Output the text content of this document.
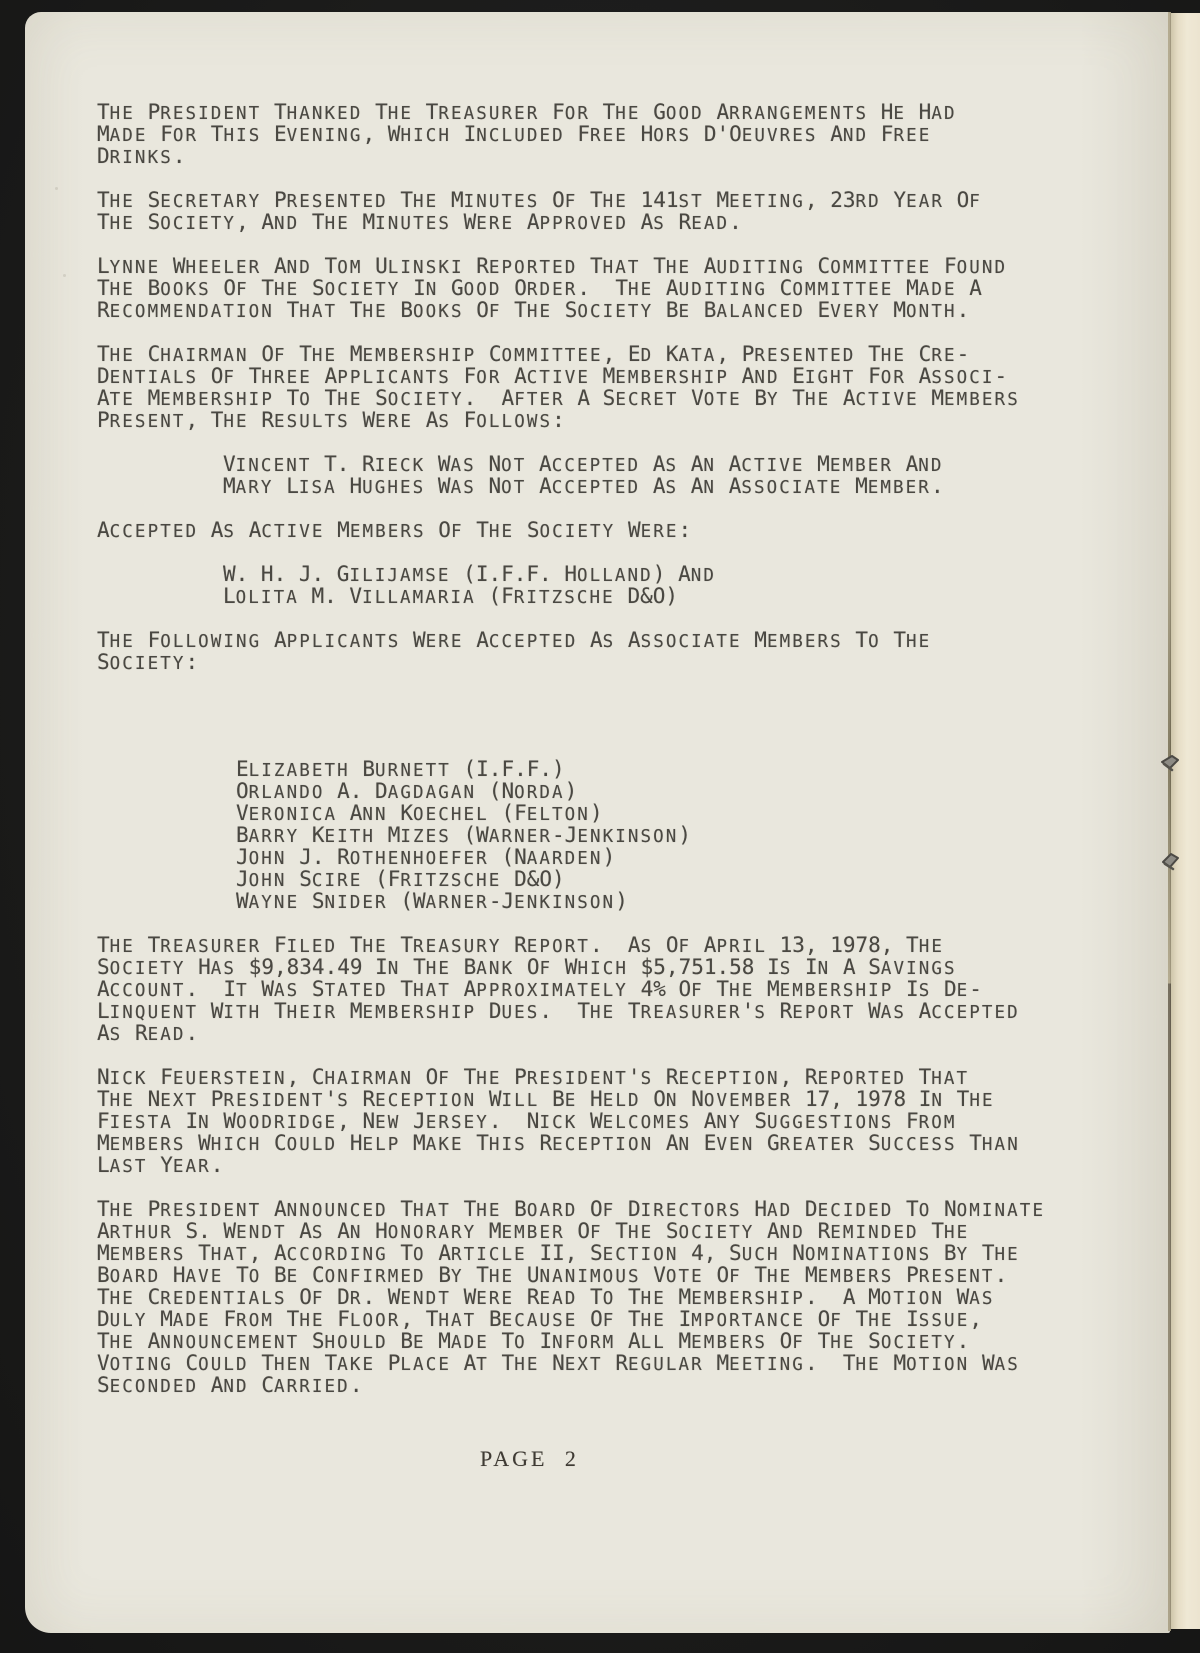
THE PRESIDENT THANKED THE TREASURER FOR THE GOOD ARRANGEMENTS HE HAD
MADE FOR THIS EVENING, WHICH INCLUDED FREE HORS D'OEUVRES AND FREE
DRINKS.
THE SECRETARY PRESENTED THE MINUTES OF THE 141ST MEETING, 23RD YEAR OF
THE SOCIETY, AND THE MINUTES WERE APPROVED AS READ.
LYNNE WHEELER AND TOM ULINSKI REPORTED THAT THE AUDITING COMMITTEE FOUND
THE BOOKS OF THE SOCIETY IN GOOD ORDER.  THE AUDITING COMMITTEE MADE A
RECOMMENDATION THAT THE BOOKS OF THE SOCIETY BE BALANCED EVERY MONTH.
THE CHAIRMAN OF THE MEMBERSHIP COMMITTEE, ED KATA, PRESENTED THE CRE-
DENTIALS OF THREE APPLICANTS FOR ACTIVE MEMBERSHIP AND EIGHT FOR ASSOCI-
ATE MEMBERSHIP TO THE SOCIETY.  AFTER A SECRET VOTE BY THE ACTIVE MEMBERS
PRESENT, THE RESULTS WERE AS FOLLOWS:
VINCENT T. RIECK WAS NOT ACCEPTED AS AN ACTIVE MEMBER AND
MARY LISA HUGHES WAS NOT ACCEPTED AS AN ASSOCIATE MEMBER.
ACCEPTED AS ACTIVE MEMBERS OF THE SOCIETY WERE:
W. H. J. GILIJAMSE (I.F.F. HOLLAND) AND
LOLITA M. VILLAMARIA (FRITZSCHE D&O)
THE FOLLOWING APPLICANTS WERE ACCEPTED AS ASSOCIATE MEMBERS TO THE
SOCIETY:
ELIZABETH BURNETT (I.F.F.)
ORLANDO A. DAGDAGAN (NORDA)
VERONICA ANN KOECHEL (FELTON)
BARRY KEITH MIZES (WARNER-JENKINSON)
JOHN J. ROTHENHOEFER (NAARDEN)
JOHN SCIRE (FRITZSCHE D&O)
WAYNE SNIDER (WARNER-JENKINSON)
THE TREASURER FILED THE TREASURY REPORT.  AS OF APRIL 13, 1978, THE
SOCIETY HAS $9,834.49 IN THE BANK OF WHICH $5,751.58 IS IN A SAVINGS
ACCOUNT.  IT WAS STATED THAT APPROXIMATELY 4% OF THE MEMBERSHIP IS DE-
LINQUENT WITH THEIR MEMBERSHIP DUES.  THE TREASURER'S REPORT WAS ACCEPTED
AS READ.
NICK FEUERSTEIN, CHAIRMAN OF THE PRESIDENT'S RECEPTION, REPORTED THAT
THE NEXT PRESIDENT'S RECEPTION WILL BE HELD ON NOVEMBER 17, 1978 IN THE
FIESTA IN WOODRIDGE, NEW JERSEY.  NICK WELCOMES ANY SUGGESTIONS FROM
MEMBERS WHICH COULD HELP MAKE THIS RECEPTION AN EVEN GREATER SUCCESS THAN
LAST YEAR.
THE PRESIDENT ANNOUNCED THAT THE BOARD OF DIRECTORS HAD DECIDED TO NOMINATE
ARTHUR S. WENDT AS AN HONORARY MEMBER OF THE SOCIETY AND REMINDED THE
MEMBERS THAT, ACCORDING TO ARTICLE II, SECTION 4, SUCH NOMINATIONS BY THE
BOARD HAVE TO BE CONFIRMED BY THE UNANIMOUS VOTE OF THE MEMBERS PRESENT.
THE CREDENTIALS OF DR. WENDT WERE READ TO THE MEMBERSHIP.  A MOTION WAS
DULY MADE FROM THE FLOOR, THAT BECAUSE OF THE IMPORTANCE OF THE ISSUE,
THE ANNOUNCEMENT SHOULD BE MADE TO INFORM ALL MEMBERS OF THE SOCIETY.
VOTING COULD THEN TAKE PLACE AT THE NEXT REGULAR MEETING.  THE MOTION WAS
SECONDED AND CARRIED.
PAGE 2
